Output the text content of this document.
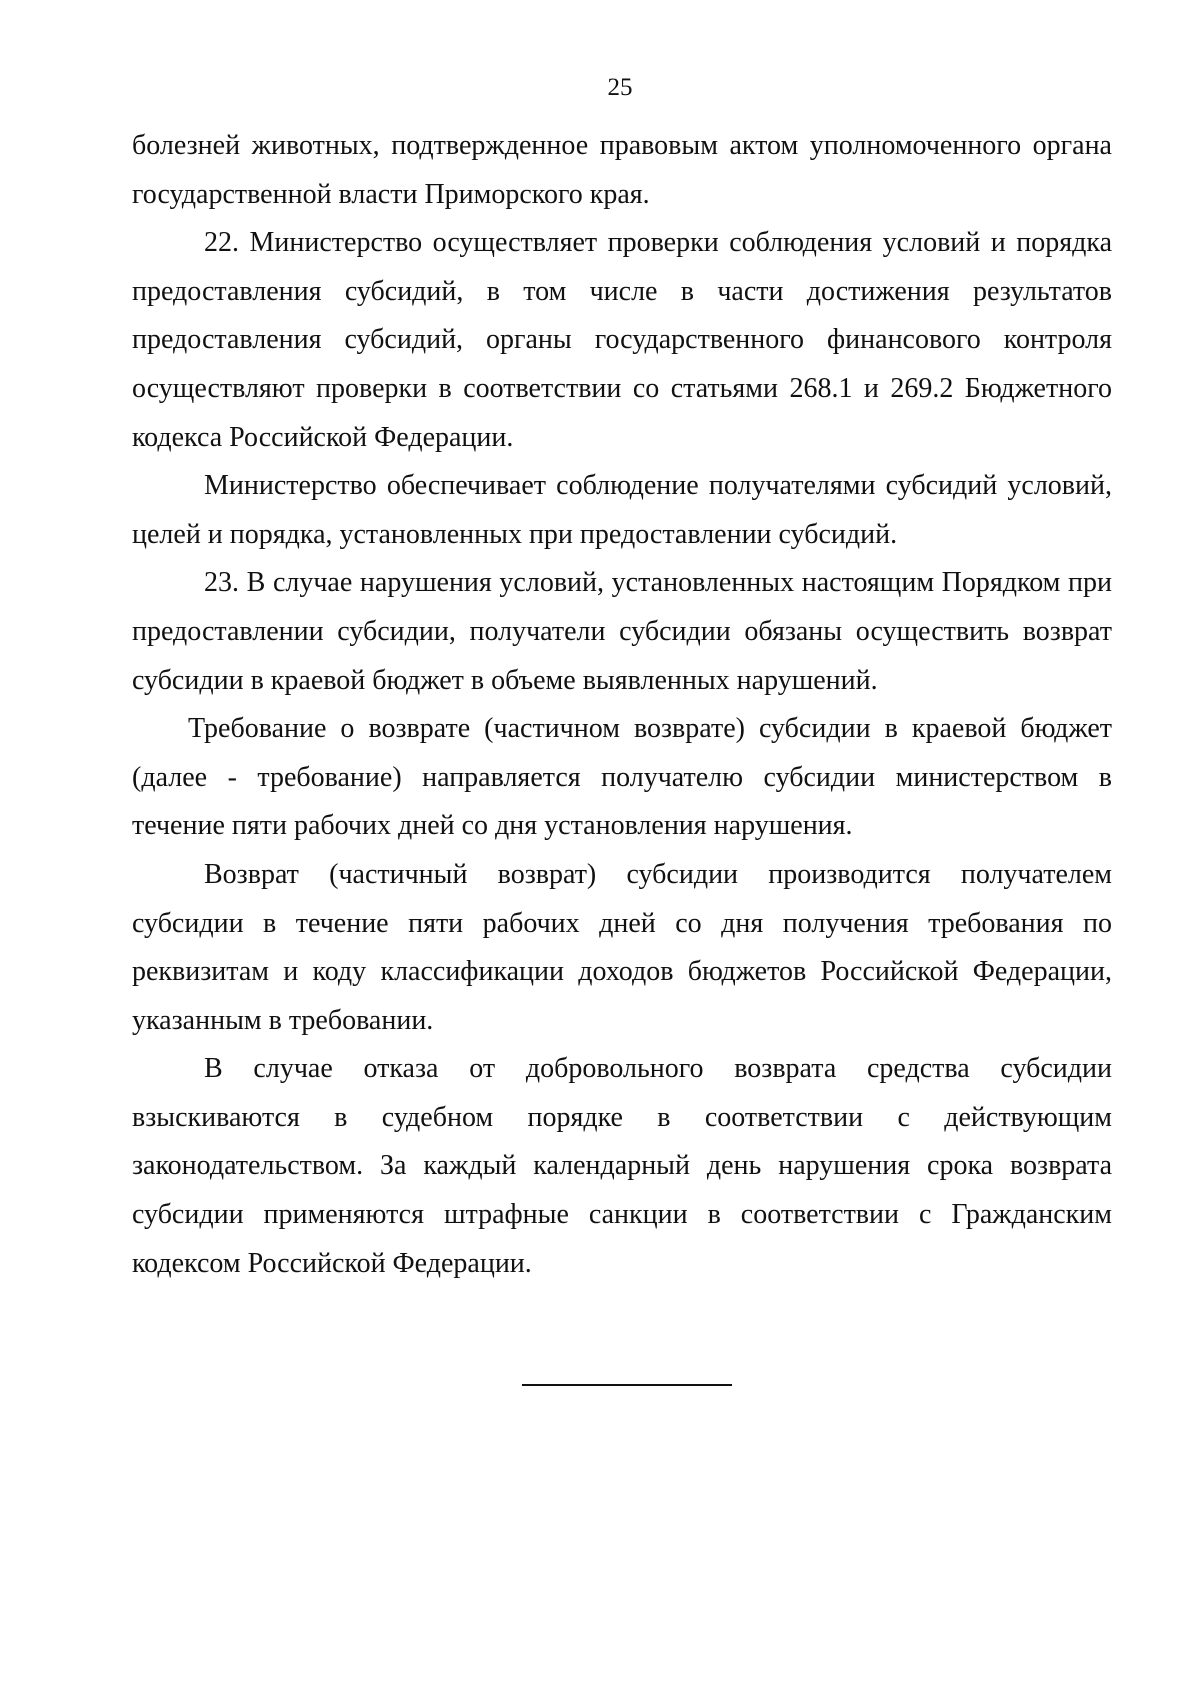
25

болезней животных, подтвержденное правовым актом уполномоченного органа государственной власти Приморского края.

22. Министерство осуществляет проверки соблюдения условий и порядка предоставления субсидий, в том числе в части достижения результатов предоставления субсидий, органы государственного финансового контроля осуществляют проверки в соответствии со статьями 268.1 и 269.2 Бюджетного кодекса Российской Федерации.

Министерство обеспечивает соблюдение получателями субсидий условий, целей и порядка, установленных при предоставлении субсидий.

23. В случае нарушения условий, установленных настоящим Порядком при предоставлении субсидии, получатели субсидии обязаны осуществить возврат субсидии в краевой бюджет в объеме выявленных нарушений.

Требование о возврате (частичном возврате) субсидии в краевой бюджет (далее - требование) направляется получателю субсидии министерством в течение пяти рабочих дней со дня установления нарушения.

Возврат (частичный возврат) субсидии производится получателем субсидии в течение пяти рабочих дней со дня получения требования по реквизитам и коду классификации доходов бюджетов Российской Федерации, указанным в требовании.

В случае отказа от добровольного возврата средства субсидии взыскиваются в судебном порядке в соответствии с действующим законодательством. За каждый календарный день нарушения срока возврата субсидии применяются штрафные санкции в соответствии с Гражданским кодексом Российской Федерации.
